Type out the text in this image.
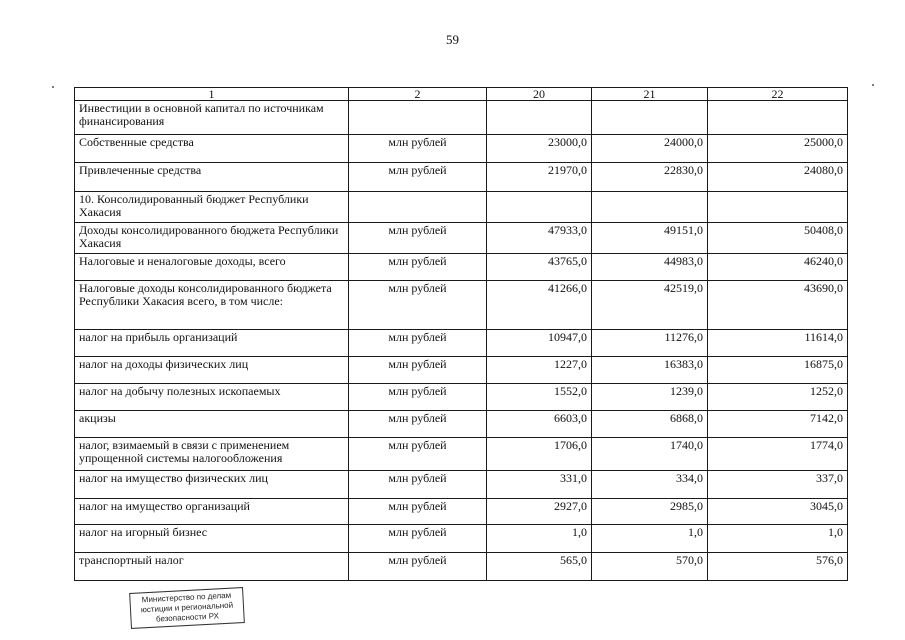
59
1	2	20	21	22
Инвестиции в основной капитал по источникам финансирования				
Собственные средства	млн рублей	23000,0	24000,0	25000,0
Привлеченные средства	млн рублей	21970,0	22830,0	24080,0
10. Консолидированный бюджет Республики Хакасия				
Доходы консолидированного бюджета Республики Хакасия	млн рублей	47933,0	49151,0	50408,0
Налоговые и неналоговые доходы, всего	млн рублей	43765,0	44983,0	46240,0
Налоговые доходы консолидированного бюджета Республики Хакасия всего, в том числе:	млн рублей	41266,0	42519,0	43690,0
налог на прибыль организаций	млн рублей	10947,0	11276,0	11614,0
налог на доходы физических лиц	млн рублей	1227,0	16383,0	16875,0
налог на добычу полезных ископаемых	млн рублей	1552,0	1239,0	1252,0
акцизы	млн рублей	6603,0	6868,0	7142,0
налог, взимаемый в связи с применением упрощенной системы налогообложения	млн рублей	1706,0	1740,0	1774,0
налог на имущество физических лиц	млн рублей	331,0	334,0	337,0
налог на имущество организаций	млн рублей	2927,0	2985,0	3045,0
налог на игорный бизнес	млн рублей	1,0	1,0	1,0
транспортный налог	млн рублей	565,0	570,0	576,0
Министерство по делам
юстиции и региональной
безопасности РХ
